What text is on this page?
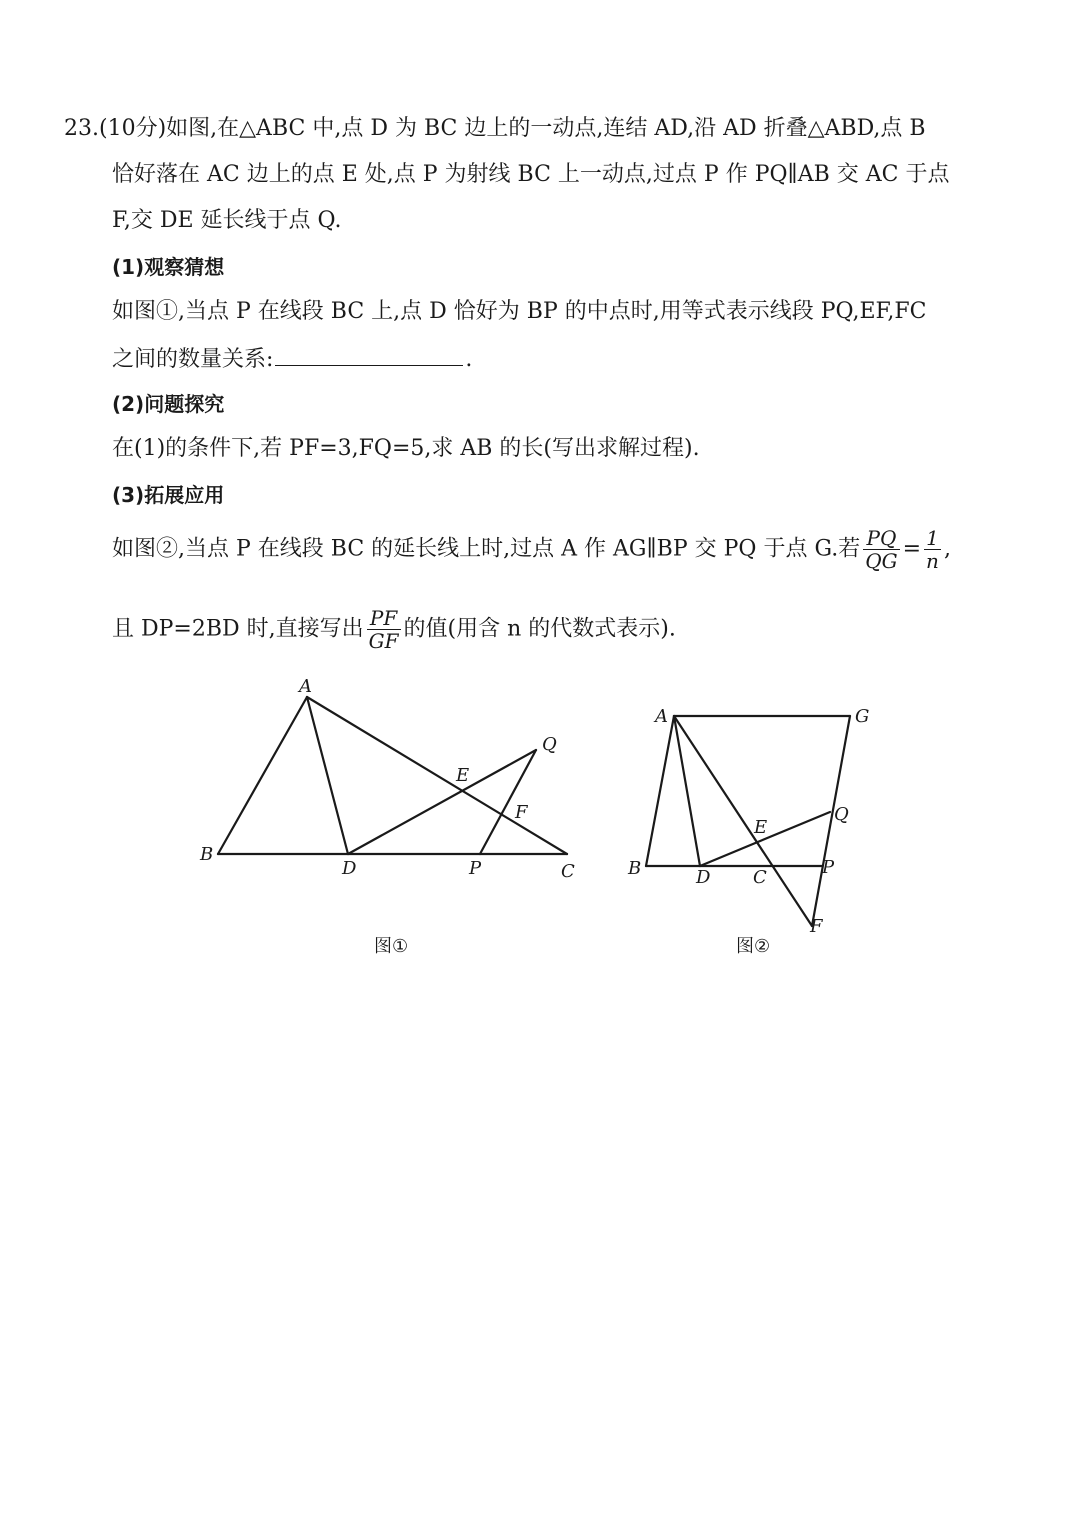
23.(10分)如图,在△ABC 中,点 D 为 BC 边上的一动点,连结 AD,沿 AD 折叠△ABD,点 B
恰好落在 AC 边上的点 E 处,点 P 为射线 BC 上一动点,过点 P 作 PQ∥AB 交 AC 于点
F,交 DE 延长线于点 Q.
(1)观察猜想
如图①,当点 P 在线段 BC 上,点 D 恰好为 BP 的中点时,用等式表示线段 PQ,EF,FC
之间的数量关系:	.
(2)问题探究
在(1)的条件下,若 PF=3,FQ=5,求 AB 的长(写出求解过程).
(3)拓展应用
如图②,当点 P 在线段 BC 的延长线上时,过点 A 作 AG∥BP 交 PQ 于点 G.若 $\frac{PQ}{QG} = \frac{1}{n}$ ,
且 DP=2BD 时,直接写出 $\frac{PF}{GF}$ 的值(用含 n 的代数式表示).
A
B
D	P	C
E
F
Q
图①
A	G
E
Q
B	D C	P
F
图②
